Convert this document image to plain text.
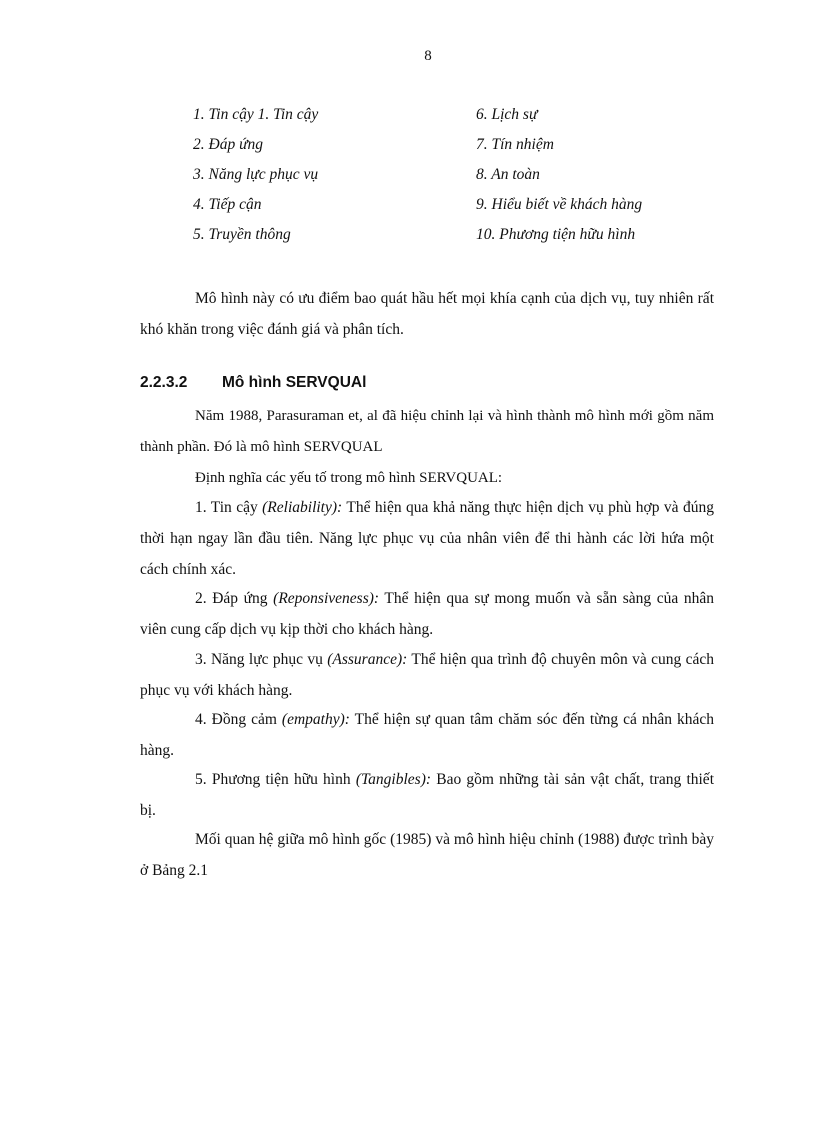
8
1. Tin cậy 1. Tin cậy	6. Lịch sự
2. Đáp ứng	7. Tín nhiệm
3. Năng lực phục vụ	8. An toàn
4. Tiếp cận	9. Hiểu biết về khách hàng
5. Truyền thông	10. Phương tiện hữu hình

Mô hình này có ưu điểm bao quát hầu hết mọi khía cạnh của dịch vụ, tuy nhiên rất khó khăn trong việc đánh giá và phân tích.

2.2.3.2 Mô hình SERVQUAl

Năm 1988, Parasuraman et, al đã hiệu chỉnh lại và hình thành mô hình mới gồm năm thành phần. Đó là mô hình SERVQUAL

Định nghĩa các yếu tố trong mô hình SERVQUAL:

1. Tin cậy (Reliability): Thể hiện qua khả năng thực hiện dịch vụ phù hợp và đúng thời hạn ngay lần đầu tiên. Năng lực phục vụ của nhân viên để thi hành các lời hứa một cách chính xác.

2. Đáp ứng (Reponsiveness): Thể hiện qua sự mong muốn và sẵn sàng của nhân viên cung cấp dịch vụ kịp thời cho khách hàng.

3. Năng lực phục vụ (Assurance): Thể hiện qua trình độ chuyên môn và cung cách phục vụ với khách hàng.

4. Đồng cảm (empathy): Thể hiện sự quan tâm chăm sóc đến từng cá nhân khách hàng.

5. Phương tiện hữu hình (Tangibles): Bao gồm những tài sản vật chất, trang thiết bị.

Mối quan hệ giữa mô hình gốc (1985) và mô hình hiệu chỉnh (1988) được trình bày ở Bảng 2.1
